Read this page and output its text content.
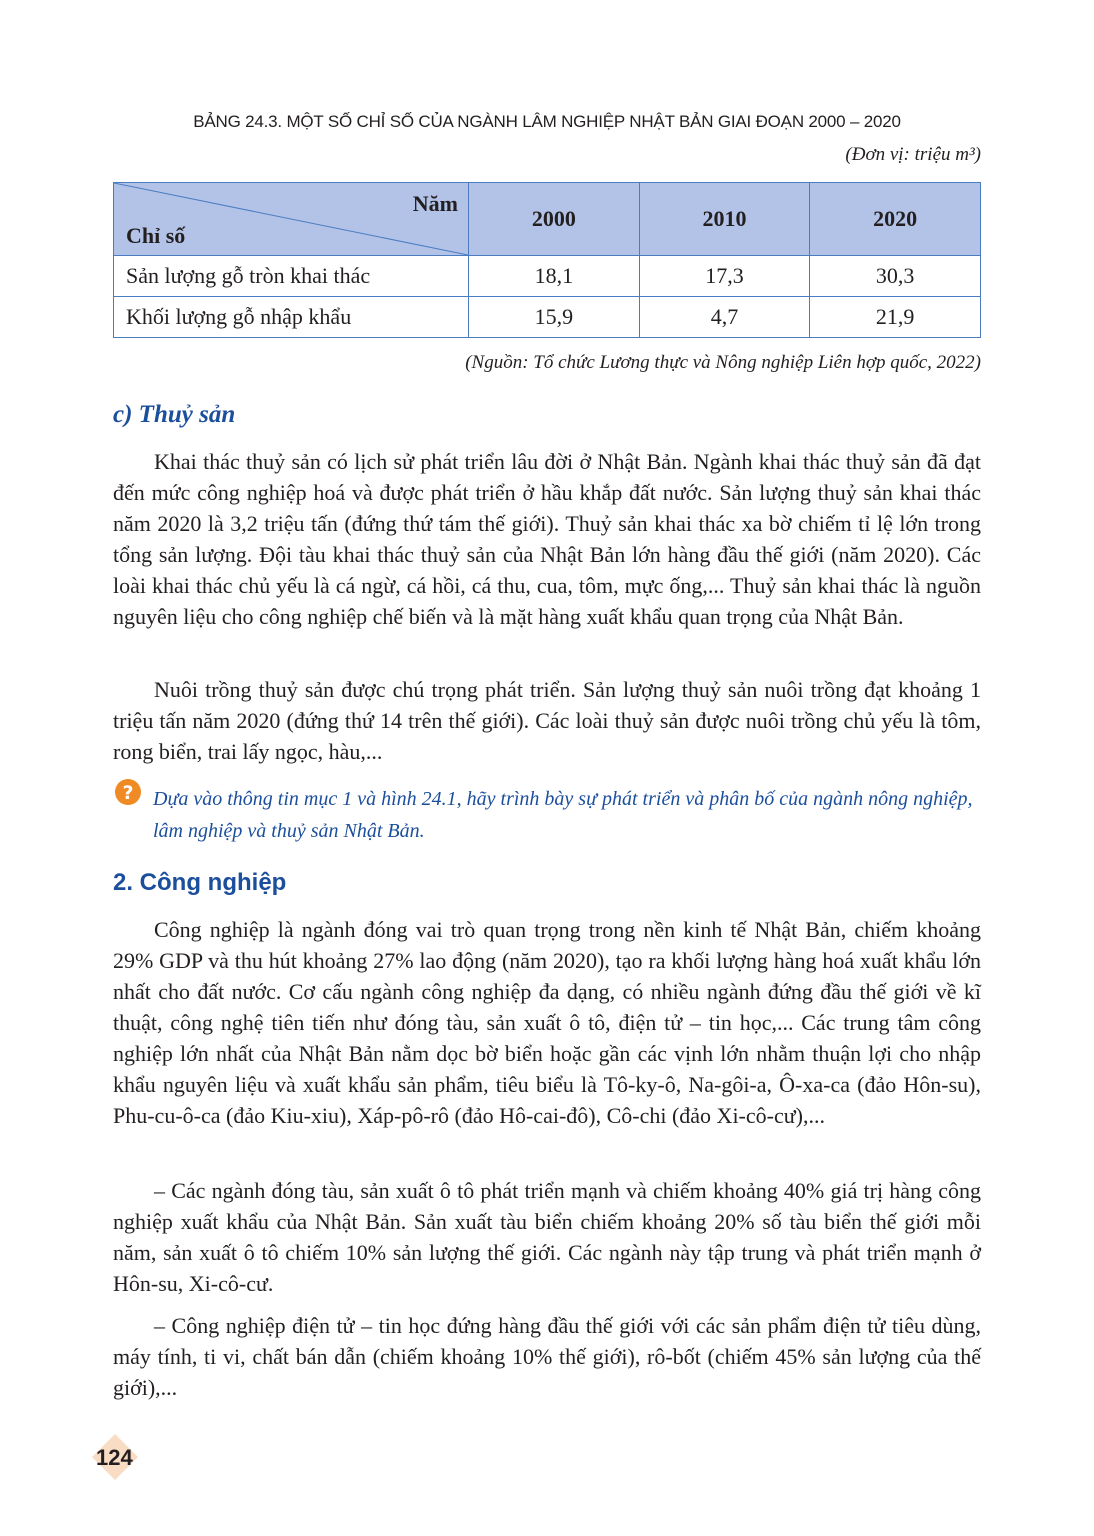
BẢNG 24.3. MỘT SỐ CHỈ SỐ CỦA NGÀNH LÂM NGHIỆP NHẬT BẢN GIAI ĐOẠN 2000 – 2020
(Đơn vị: triệu m³)
Năm
Chỉ số	2000	2010	2020
Sản lượng gỗ tròn khai thác	18,1	17,3	30,3
Khối lượng gỗ nhập khẩu	15,9	4,7	21,9
(Nguồn: Tổ chức Lương thực và Nông nghiệp Liên hợp quốc, 2022)
c) Thuỷ sản

Khai thác thuỷ sản có lịch sử phát triển lâu đời ở Nhật Bản. Ngành khai thác thuỷ sản đã đạt đến mức công nghiệp hoá và được phát triển ở hầu khắp đất nước. Sản lượng thuỷ sản khai thác năm 2020 là 3,2 triệu tấn (đứng thứ tám thế giới). Thuỷ sản khai thác xa bờ chiếm tỉ lệ lớn trong tổng sản lượng. Đội tàu khai thác thuỷ sản của Nhật Bản lớn hàng đầu thế giới (năm 2020). Các loài khai thác chủ yếu là cá ngừ, cá hồi, cá thu, cua, tôm, mực ống,... Thuỷ sản khai thác là nguồn nguyên liệu cho công nghiệp chế biến và là mặt hàng xuất khẩu quan trọng của Nhật Bản.

Nuôi trồng thuỷ sản được chú trọng phát triển. Sản lượng thuỷ sản nuôi trồng đạt khoảng 1 triệu tấn năm 2020 (đứng thứ 14 trên thế giới). Các loài thuỷ sản được nuôi trồng chủ yếu là tôm, rong biển, trai lấy ngọc, hàu,...

? Dựa vào thông tin mục 1 và hình 24.1, hãy trình bày sự phát triển và phân bố của ngành nông nghiệp, lâm nghiệp và thuỷ sản Nhật Bản.
2. Công nghiệp

Công nghiệp là ngành đóng vai trò quan trọng trong nền kinh tế Nhật Bản, chiếm khoảng 29% GDP và thu hút khoảng 27% lao động (năm 2020), tạo ra khối lượng hàng hoá xuất khẩu lớn nhất cho đất nước. Cơ cấu ngành công nghiệp đa dạng, có nhiều ngành đứng đầu thế giới về kĩ thuật, công nghệ tiên tiến như đóng tàu, sản xuất ô tô, điện tử – tin học,... Các trung tâm công nghiệp lớn nhất của Nhật Bản nằm dọc bờ biển hoặc gần các vịnh lớn nhằm thuận lợi cho nhập khẩu nguyên liệu và xuất khẩu sản phẩm, tiêu biểu là Tô-ky-ô, Na-gôi-a, Ô-xa-ca (đảo Hôn-su), Phu-cu-ô-ca (đảo Kiu-xiu), Xáp-pô-rô (đảo Hô-cai-đô), Cô-chi (đảo Xi-cô-cư),...

– Các ngành đóng tàu, sản xuất ô tô phát triển mạnh và chiếm khoảng 40% giá trị hàng công nghiệp xuất khẩu của Nhật Bản. Sản xuất tàu biển chiếm khoảng 20% số tàu biển thế giới mỗi năm, sản xuất ô tô chiếm 10% sản lượng thế giới. Các ngành này tập trung và phát triển mạnh ở Hôn-su, Xi-cô-cư.

– Công nghiệp điện tử – tin học đứng hàng đầu thế giới với các sản phẩm điện tử tiêu dùng, máy tính, ti vi, chất bán dẫn (chiếm khoảng 10% thế giới), rô-bốt (chiếm 45% sản lượng của thế giới),...

124
